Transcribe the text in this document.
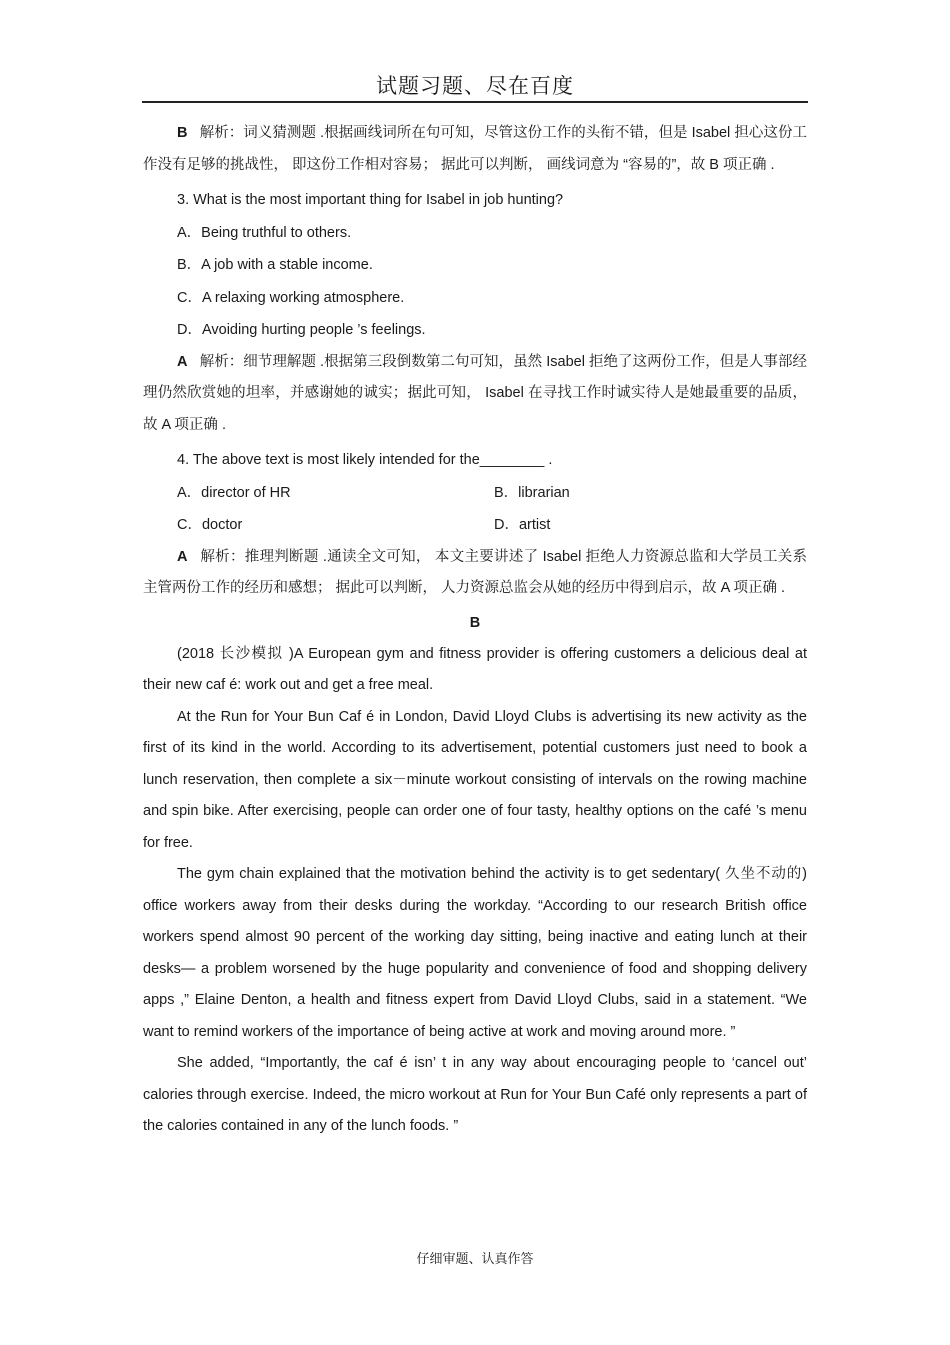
试题习题、尽在百度

B 解析：词义猜测题 .根据画线词所在句可知，尽管这份工作的头衔不错，但是 Isabel 担心这份工作没有足够的挑战性， 即这份工作相对容易； 据此可以判断， 画线词意为 “容易的”，故 B 项正确 .

3. What is the most important thing for Isabel in job hunting?

A．Being truthful to others.

B．A job with a stable income.

C．A relaxing working atmosphere.

D．Avoiding hurting people ’s feelings.

A 解析：细节理解题 .根据第三段倒数第二句可知，虽然 Isabel 拒绝了这两份工作，但是人事部经理仍然欣赏她的坦率，并感谢她的诚实；据此可知， Isabel 在寻找工作时诚实待人是她最重要的品质，故 A 项正确 .

4. The above text is most likely intended for the________ .

A．director of HR	B．librarian
C．doctor	D．artist

A 解析：推理判断题 .通读全文可知， 本文主要讲述了 Isabel 拒绝人力资源总监和大学员工关系主管两份工作的经历和感想； 据此可以判断， 人力资源总监会从她的经历中得到启示，故 A 项正确 .

B

(2018 长沙模拟 )A European gym and fitness provider is offering customers a delicious deal at their new caf é: work out and get a free meal.

At the Run for Your Bun Caf é in London, David Lloyd Clubs is advertising its new activity as the first of its kind in the world. According to its advertisement, potential customers just need to book a lunch reservation, then complete a six－minute workout consisting of intervals on the rowing machine and spin bike. After exercising, people can order one of four tasty, healthy options on the café ’s menu for free.

The gym chain explained that the motivation behind the activity is to get sedentary( 久坐不动的) office workers away from their desks during the workday. “According to our research British office workers spend almost 90 percent of the working day sitting, being inactive and eating lunch at their desks— a problem worsened by the huge popularity and convenience of food and shopping delivery apps ,” Elaine Denton, a health and fitness expert from David Lloyd Clubs, said in a statement. “We want to remind workers of the importance of being active at work and moving around more. ”

She added, “Importantly, the caf é isn’ t in any way about encouraging people to ‘cancel out’ calories through exercise. Indeed, the micro workout at Run for Your Bun Café only represents a part of the calories contained in any of the lunch foods. ”

仔细审题、认真作答
